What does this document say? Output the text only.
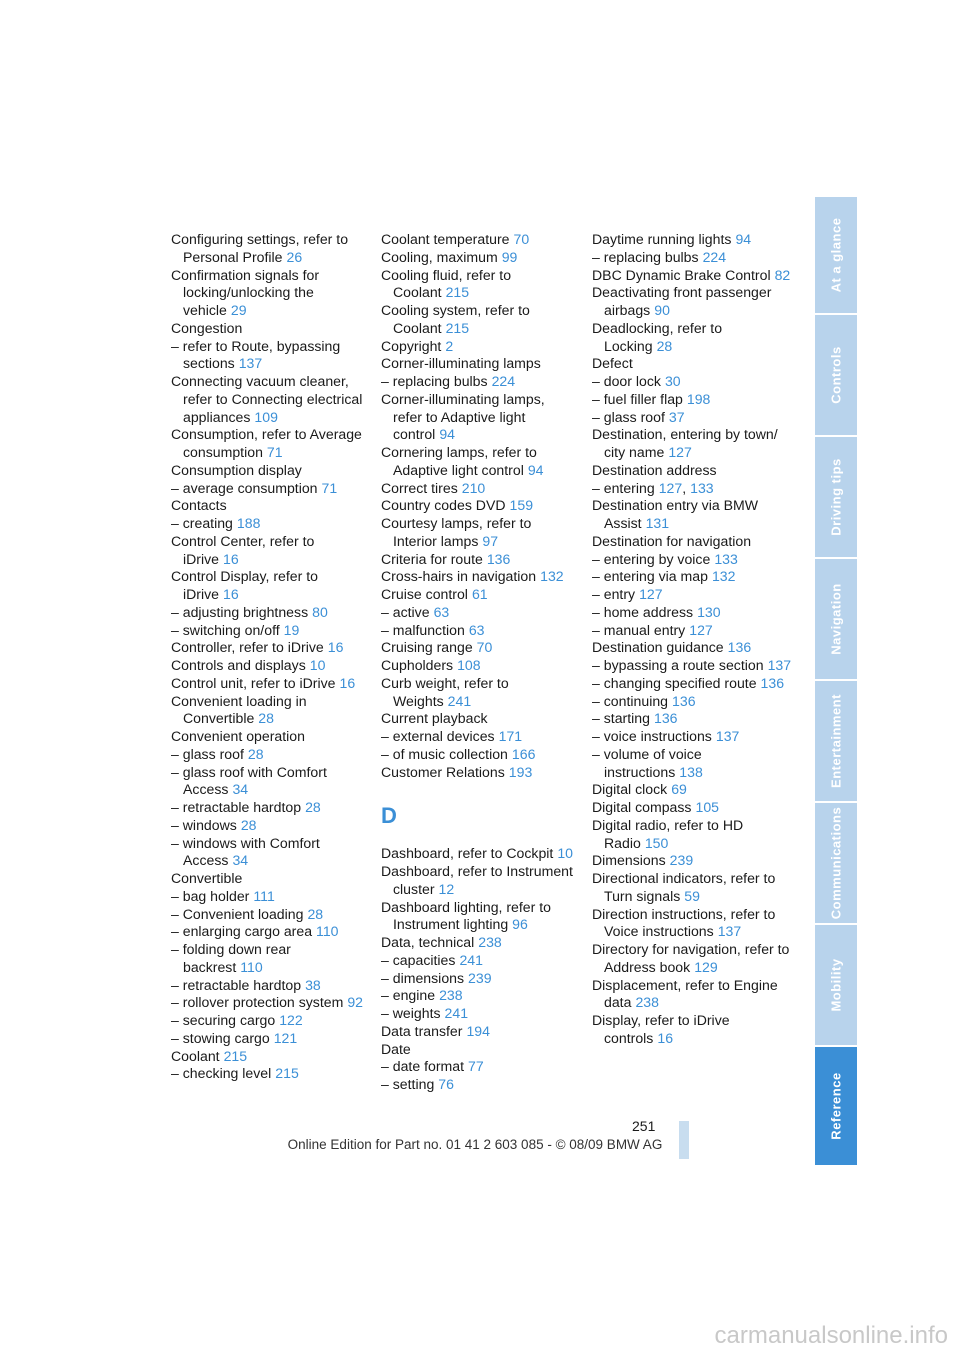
Configuring settings, refer to Personal Profile 26
Confirmation signals for locking/unlocking the vehicle 29
Congestion
– refer to Route, bypassing sections 137
Connecting vacuum cleaner, refer to Connecting electrical appliances 109
Consumption, refer to Average consumption 71
Consumption display
– average consumption 71
Contacts
– creating 188
Control Center, refer to iDrive 16
Control Display, refer to iDrive 16
– adjusting brightness 80
– switching on/off 19
Controller, refer to iDrive 16
Controls and displays 10
Control unit, refer to iDrive 16
Convenient loading in Convertible 28
Convenient operation
– glass roof 28
– glass roof with Comfort Access 34
– retractable hardtop 28
– windows 28
– windows with Comfort Access 34
Convertible
– bag holder 111
– Convenient loading 28
– enlarging cargo area 110
– folding down rear backrest 110
– retractable hardtop 38
– rollover protection system 92
– securing cargo 122
– stowing cargo 121
Coolant 215
– checking level 215
Coolant temperature 70
Cooling, maximum 99
Cooling fluid, refer to Coolant 215
Cooling system, refer to Coolant 215
Copyright 2
Corner-illuminating lamps
– replacing bulbs 224
Corner-illuminating lamps, refer to Adaptive light control 94
Cornering lamps, refer to Adaptive light control 94
Correct tires 210
Country codes DVD 159
Courtesy lamps, refer to Interior lamps 97
Criteria for route 136
Cross-hairs in navigation 132
Cruise control 61
– active 63
– malfunction 63
Cruising range 70
Cupholders 108
Curb weight, refer to Weights 241
Current playback
– external devices 171
– of music collection 166
Customer Relations 193
D
Dashboard, refer to Cockpit 10
Dashboard, refer to Instrument cluster 12
Dashboard lighting, refer to Instrument lighting 96
Data, technical 238
– capacities 241
– dimensions 239
– engine 238
– weights 241
Data transfer 194
Date
– date format 77
– setting 76
Daytime running lights 94
– replacing bulbs 224
DBC Dynamic Brake Control 82
Deactivating front passenger airbags 90
Deadlocking, refer to Locking 28
Defect
– door lock 30
– fuel filler flap 198
– glass roof 37
Destination, entering by town/ city name 127
Destination address
– entering 127, 133
Destination entry via BMW Assist 131
Destination for navigation
– entering by voice 133
– entering via map 132
– entry 127
– home address 130
– manual entry 127
Destination guidance 136
– bypassing a route section 137
– changing specified route 136
– continuing 136
– starting 136
– voice instructions 137
– volume of voice instructions 138
Digital clock 69
Digital compass 105
Digital radio, refer to HD Radio 150
Dimensions 239
Directional indicators, refer to Turn signals 59
Direction instructions, refer to Voice instructions 137
Directory for navigation, refer to Address book 129
Displacement, refer to Engine data 238
Display, refer to iDrive controls 16
At a glance
Controls
Driving tips
Navigation
Entertainment
Communications
Mobility
Reference
251
Online Edition for Part no. 01 41 2 603 085 - © 08/09 BMW AG
carmanualsonline.info
